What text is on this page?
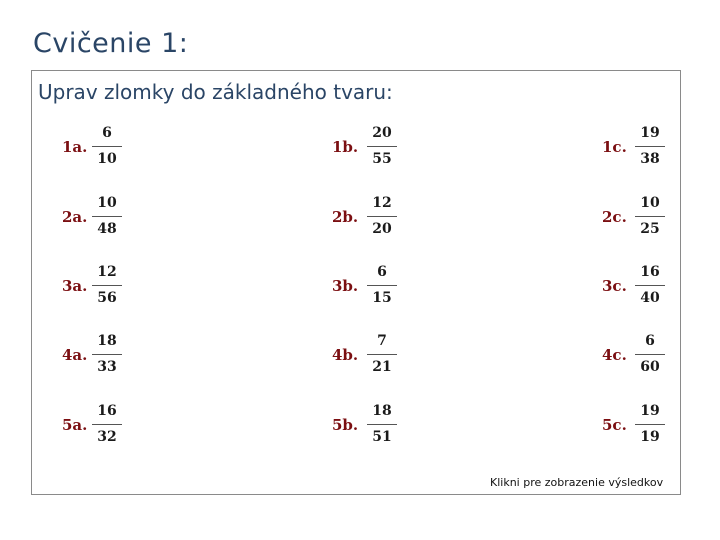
Cvičenie 1:
Uprav zlomky do základného tvaru:
1a.
6
10
1b.
20
55
1c.
19
38
2a.
10
48
2b.
12
20
2c.
10
25
3a.
12
56
3b.
6
15
3c.
16
40
4a.
18
33
4b.
7
21
4c.
6
60
5a.
16
32
5b.
18
51
5c.
19
19
Klikni pre zobrazenie výsledkov
